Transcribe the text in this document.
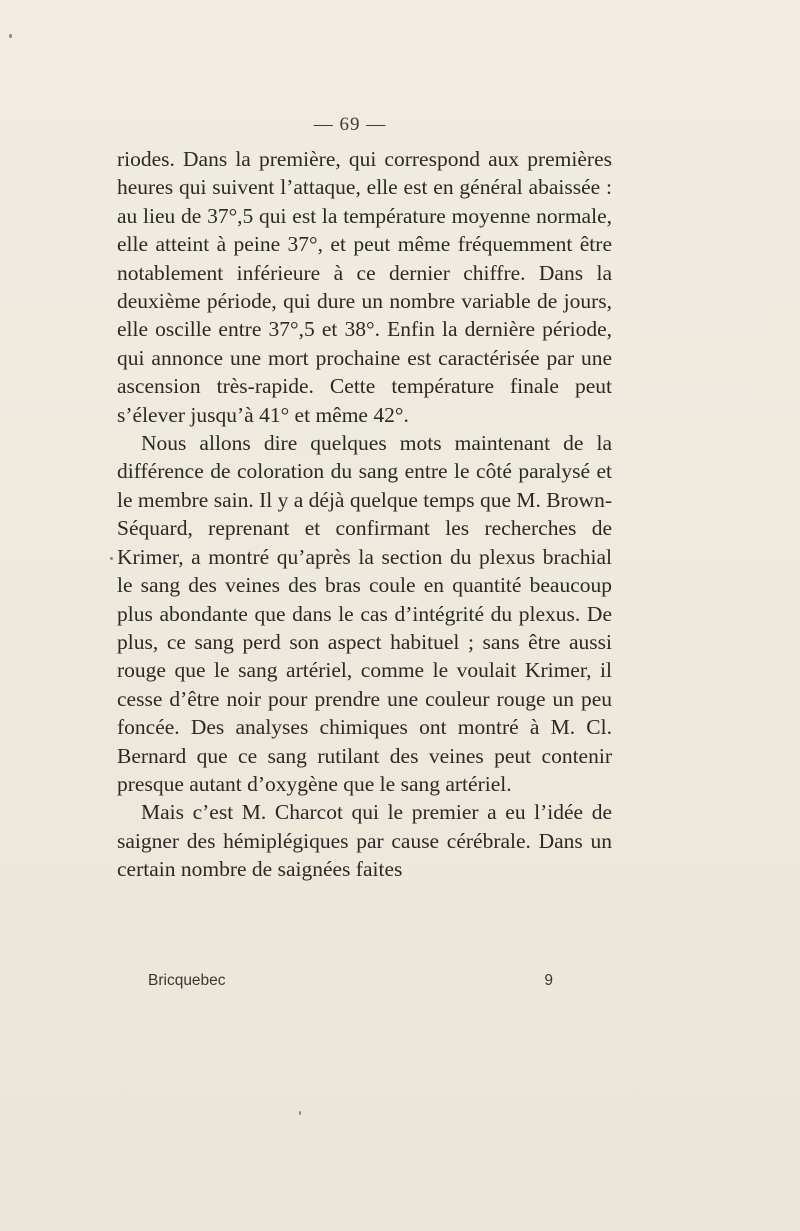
— 69 —

riodes. Dans la première, qui correspond aux premières heures qui suivent l’attaque, elle est en général abaissée : au lieu de 37°,5 qui est la température moyenne normale, elle atteint à peine 37°, et peut même fréquemment être notablement inférieure à ce dernier chiffre. Dans la deuxième période, qui dure un nombre variable de jours, elle oscille entre 37°,5 et 38°. Enfin la dernière période, qui annonce une mort prochaine est caractérisée par une ascension très-rapide. Cette température finale peut s’élever jusqu’à 41° et même 42°.

Nous allons dire quelques mots maintenant de la différence de coloration du sang entre le côté paralysé et le membre sain. Il y a déjà quelque temps que M. Brown-Séquard, reprenant et confirmant les recherches de Krimer, a montré qu’après la section du plexus brachial le sang des veines des bras coule en quantité beaucoup plus abondante que dans le cas d’intégrité du plexus. De plus, ce sang perd son aspect habituel ; sans être aussi rouge que le sang artériel, comme le voulait Krimer, il cesse d’être noir pour prendre une couleur rouge un peu foncée. Des analyses chimiques ont montré à M. Cl. Bernard que ce sang rutilant des veines peut contenir presque autant d’oxygène que le sang artériel.

Mais c’est M. Charcot qui le premier a eu l’idée de saigner des hémiplégiques par cause cérébrale. Dans un certain nombre de saignées faites

Bricquebec	9
